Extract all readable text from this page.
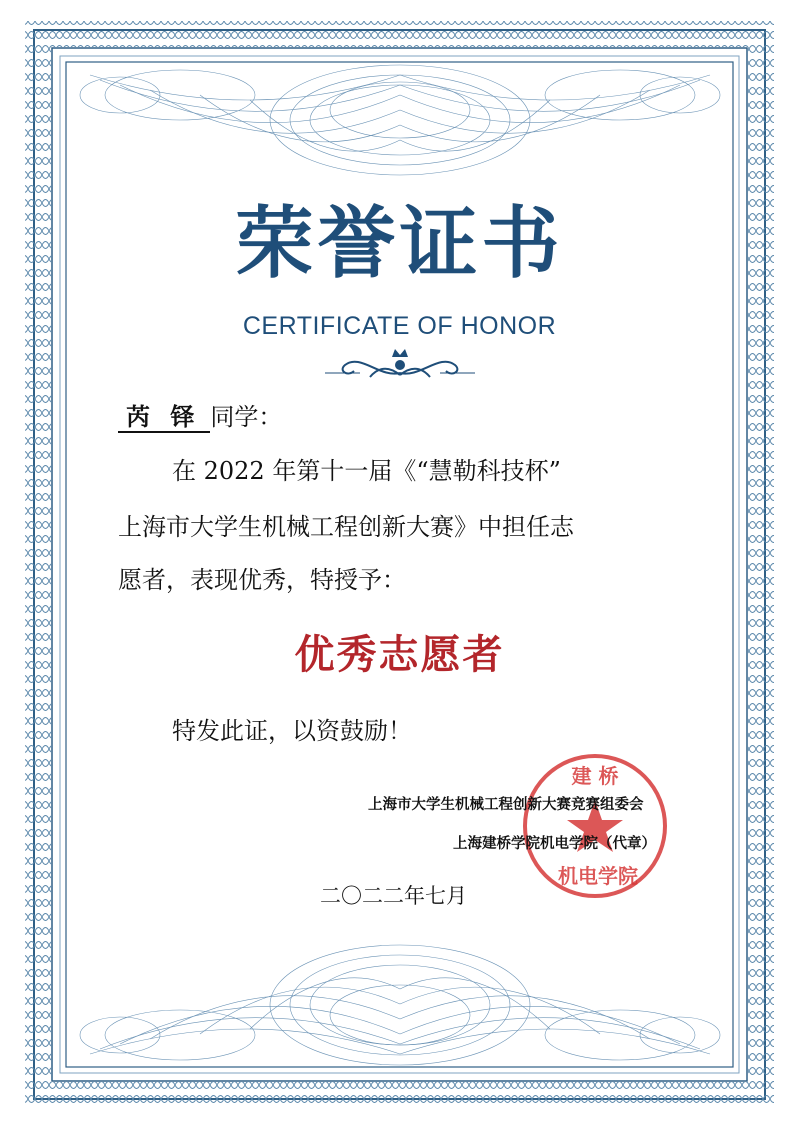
荣誉证书
CERTIFICATE OF HONOR
芮 铎 同学：
在 2022 年第十一届《“慧勒科技杯”
上海市大学生机械工程创新大赛》中担任志
愿者，表现优秀，特授予：
优秀志愿者
特发此证，以资鼓励！
建 桥
机电学院
上海市大学生机械工程创新大赛竞赛组委会
上海建桥学院机电学院（代章）
二〇二二年七月
